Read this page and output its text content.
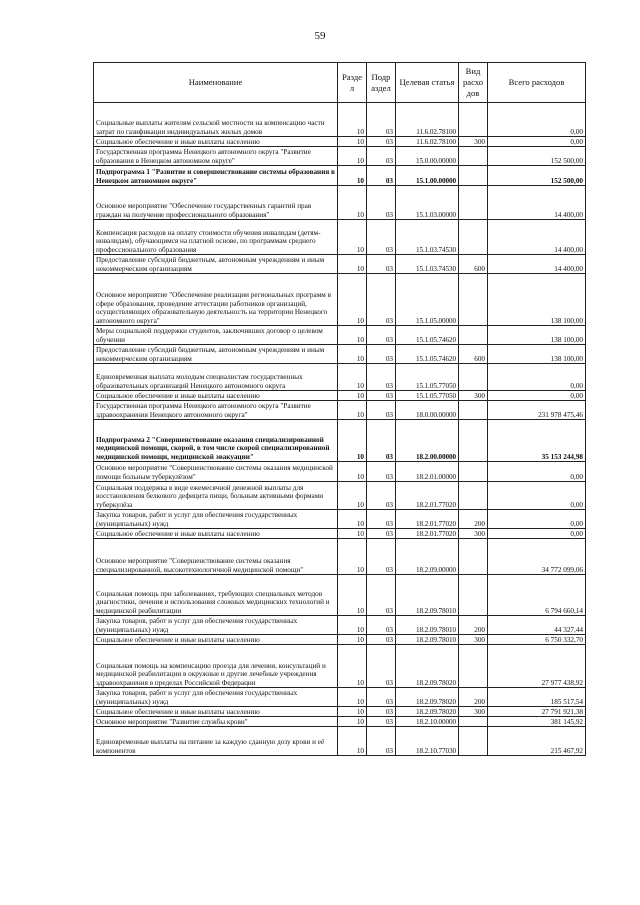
59
Наименование	Разде л	Подр аздел	Целевая статья	Вид расхо дов	Всего расходов
Социальные выплаты жителям сельской местности на компенсацию части затрат по газификации индивидуальных жилых домов	10	03	11.6.02.78100		0,00
Социальное обеспечение и иные выплаты населению	10	03	11.6.02.78100	300	0,00
Государственная программа Ненецкого автономного округа "Развитие образования в Ненецком автономном округе"	10	03	15.0.00.00000		152 500,00
Подпрограмма 1 "Развитие и совершенствование системы образования в Ненецком автономном округе"	10	03	15.1.00.00000		152 500,00
Основное мероприятие "Обеспечение государственных гарантий прав граждан на получение профессионального образования"	10	03	15.1.03.00000		14 400,00
Компенсация расходов на оплату стоимости обучения инвалидам (детям-инвалидам), обучающимся на платной основе, по программам среднего профессионального образования	10	03	15.1.03.74530		14 400,00
Предоставление субсидий бюджетным, автономным учреждениям и иным некоммерческим организациям	10	03	15.1.03.74530	600	14 400,00
Основное мероприятие "Обеспечение реализации региональных программ в сфере образования, проведение аттестации работников организаций, осуществляющих образовательную деятельность на территории Ненецкого автономного округа"	10	03	15.1.05.00000		138 100,00
Меры социальной поддержки студентов, заключивших договор о целевом обучении	10	03	15.1.05.74620		138 100,00
Предоставление субсидий бюджетным, автономным учреждениям и иным некоммерческим организациям	10	03	15.1.05.74620	600	138 100,00
Единовременная выплата молодым специалистам государственных образовательных организаций Ненецкого автономного округа	10	03	15.1.05.77050		0,00
Социальное обеспечение и иные выплаты населению	10	03	15.1.05.77050	300	0,00
Государственная программа Ненецкого автономного округа "Развитие здравоохранения Ненецкого автономного округа"	10	03	18.0.00.00000		231 978 475,46
Подпрограмма 2 "Совершенствование оказания специализированной медицинской помощи, скорой, в том числе скорой специализированной медицинской помощи, медицинской эвакуации"	10	03	18.2.00.00000		35 153 244,98
Основное мероприятие "Совершенствование системы оказания медицинской помощи больным туберкулёзом"	10	03	18.2.01.00000		0,00
Социальная поддержка в виде ежемесячной денежной выплаты для восстановления белкового дефицита пищи, больным активными формами туберкулёза	10	03	18.2.01.77020		0,00
Закупка товаров, работ и услуг для обеспечения государственных (муниципальных) нужд	10	03	18.2.01.77020	200	0,00
Социальное обеспечение и иные выплаты населению	10	03	18.2.01.77020	300	0,00
Основное мероприятие "Совершенствование системы оказания специализированной, высокотехнологичной медицинской помощи"	10	03	18.2.09.00000		34 772 099,06
Социальная помощь при заболеваниях, требующих специальных методов диагностики, лечения и использования сложных медицинских технологий и медицинской реабилитации	10	03	18.2.09.78010		6 794 660,14
Закупка товаров, работ и услуг для обеспечения государственных (муниципальных) нужд	10	03	18.2.09.78010	200	44 327,44
Социальное обеспечение и иные выплаты населению	10	03	18.2.09.78010	300	6 750 332,70
Социальная помощь на компенсацию проезда для лечения, консультаций и медицинской реабилитации в окружные и другие лечебные учреждения здравоохранения в пределах Российской Федерации	10	03	18.2.09.78020		27 977 438,92
Закупка товаров, работ и услуг для обеспечения государственных (муниципальных) нужд	10	03	18.2.09.78020	200	185 517,54
Социальное обеспечение и иные выплаты населению	10	03	18.2.09.78020	300	27 791 921,38
Основное мероприятие "Развитие службы крови"	10	03	18.2.10.00000		381 145,92
Единовременные выплаты на питание за каждую сданную дозу крови и её компонентов	10	03	18.2.10.77030		215 467,92
